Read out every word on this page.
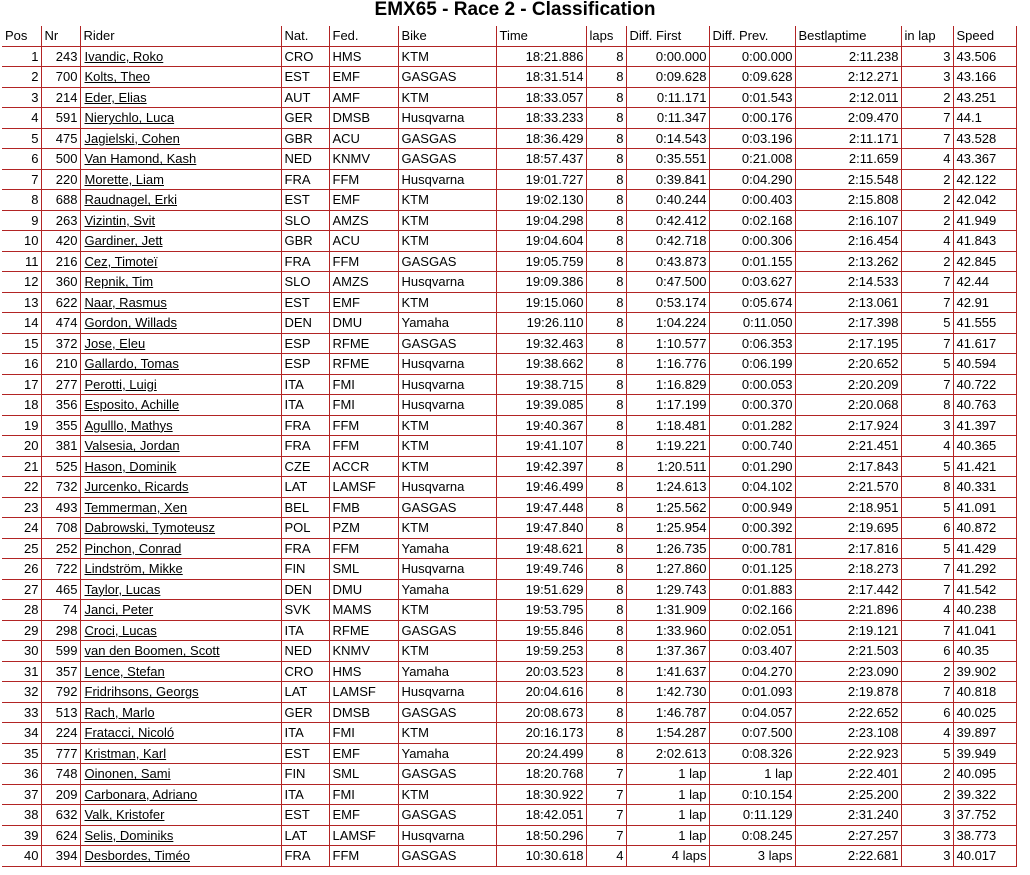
EMX65 - Race 2 - Classification
Pos	Nr	Rider	Nat.	Fed.	Bike	Time	laps	Diff. First	Diff. Prev.	Bestlaptime	in lap	Speed
1	243	Ivandic, Roko	CRO	HMS	KTM	18:21.886	8	0:00.000	0:00.000	2:11.238	3	43.506
2	700	Kolts, Theo	EST	EMF	GASGAS	18:31.514	8	0:09.628	0:09.628	2:12.271	3	43.166
3	214	Eder, Elias	AUT	AMF	KTM	18:33.057	8	0:11.171	0:01.543	2:12.011	2	43.251
4	591	Nierychlo, Luca	GER	DMSB	Husqvarna	18:33.233	8	0:11.347	0:00.176	2:09.470	7	44.1
5	475	Jagielski, Cohen	GBR	ACU	GASGAS	18:36.429	8	0:14.543	0:03.196	2:11.171	7	43.528
6	500	Van Hamond, Kash	NED	KNMV	GASGAS	18:57.437	8	0:35.551	0:21.008	2:11.659	4	43.367
7	220	Morette, Liam	FRA	FFM	Husqvarna	19:01.727	8	0:39.841	0:04.290	2:15.548	2	42.122
8	688	Raudnagel, Erki	EST	EMF	KTM	19:02.130	8	0:40.244	0:00.403	2:15.808	2	42.042
9	263	Vizintin, Svit	SLO	AMZS	KTM	19:04.298	8	0:42.412	0:02.168	2:16.107	2	41.949
10	420	Gardiner, Jett	GBR	ACU	KTM	19:04.604	8	0:42.718	0:00.306	2:16.454	4	41.843
11	216	Cez, Timoteï	FRA	FFM	GASGAS	19:05.759	8	0:43.873	0:01.155	2:13.262	2	42.845
12	360	Repnik, Tim	SLO	AMZS	Husqvarna	19:09.386	8	0:47.500	0:03.627	2:14.533	7	42.44
13	622	Naar, Rasmus	EST	EMF	KTM	19:15.060	8	0:53.174	0:05.674	2:13.061	7	42.91
14	474	Gordon, Willads	DEN	DMU	Yamaha	19:26.110	8	1:04.224	0:11.050	2:17.398	5	41.555
15	372	Jose, Eleu	ESP	RFME	GASGAS	19:32.463	8	1:10.577	0:06.353	2:17.195	7	41.617
16	210	Gallardo, Tomas	ESP	RFME	Husqvarna	19:38.662	8	1:16.776	0:06.199	2:20.652	5	40.594
17	277	Perotti, Luigi	ITA	FMI	Husqvarna	19:38.715	8	1:16.829	0:00.053	2:20.209	7	40.722
18	356	Esposito, Achille	ITA	FMI	Husqvarna	19:39.085	8	1:17.199	0:00.370	2:20.068	8	40.763
19	355	Agulllo, Mathys	FRA	FFM	KTM	19:40.367	8	1:18.481	0:01.282	2:17.924	3	41.397
20	381	Valsesia, Jordan	FRA	FFM	KTM	19:41.107	8	1:19.221	0:00.740	2:21.451	4	40.365
21	525	Hason, Dominik	CZE	ACCR	KTM	19:42.397	8	1:20.511	0:01.290	2:17.843	5	41.421
22	732	Jurcenko, Ricards	LAT	LAMSF	Husqvarna	19:46.499	8	1:24.613	0:04.102	2:21.570	8	40.331
23	493	Temmerman, Xen	BEL	FMB	GASGAS	19:47.448	8	1:25.562	0:00.949	2:18.951	5	41.091
24	708	Dabrowski, Tymoteusz	POL	PZM	KTM	19:47.840	8	1:25.954	0:00.392	2:19.695	6	40.872
25	252	Pinchon, Conrad	FRA	FFM	Yamaha	19:48.621	8	1:26.735	0:00.781	2:17.816	5	41.429
26	722	Lindström, Mikke	FIN	SML	Husqvarna	19:49.746	8	1:27.860	0:01.125	2:18.273	7	41.292
27	465	Taylor, Lucas	DEN	DMU	Yamaha	19:51.629	8	1:29.743	0:01.883	2:17.442	7	41.542
28	74	Janci, Peter	SVK	MAMS	KTM	19:53.795	8	1:31.909	0:02.166	2:21.896	4	40.238
29	298	Croci, Lucas	ITA	RFME	GASGAS	19:55.846	8	1:33.960	0:02.051	2:19.121	7	41.041
30	599	van den Boomen, Scott	NED	KNMV	KTM	19:59.253	8	1:37.367	0:03.407	2:21.503	6	40.35
31	357	Lence, Stefan	CRO	HMS	Yamaha	20:03.523	8	1:41.637	0:04.270	2:23.090	2	39.902
32	792	Fridrihsons, Georgs	LAT	LAMSF	Husqvarna	20:04.616	8	1:42.730	0:01.093	2:19.878	7	40.818
33	513	Rach, Marlo	GER	DMSB	GASGAS	20:08.673	8	1:46.787	0:04.057	2:22.652	6	40.025
34	224	Fratacci, Nicoló	ITA	FMI	KTM	20:16.173	8	1:54.287	0:07.500	2:23.108	4	39.897
35	777	Kristman, Karl	EST	EMF	Yamaha	20:24.499	8	2:02.613	0:08.326	2:22.923	5	39.949
36	748	Oinonen, Sami	FIN	SML	GASGAS	18:20.768	7	1 lap	1 lap	2:22.401	2	40.095
37	209	Carbonara, Adriano	ITA	FMI	KTM	18:30.922	7	1 lap	0:10.154	2:25.200	2	39.322
38	632	Valk, Kristofer	EST	EMF	GASGAS	18:42.051	7	1 lap	0:11.129	2:31.240	3	37.752
39	624	Selis, Dominiks	LAT	LAMSF	Husqvarna	18:50.296	7	1 lap	0:08.245	2:27.257	3	38.773
40	394	Desbordes, Timéo	FRA	FFM	GASGAS	10:30.618	4	4 laps	3 laps	2:22.681	3	40.017
